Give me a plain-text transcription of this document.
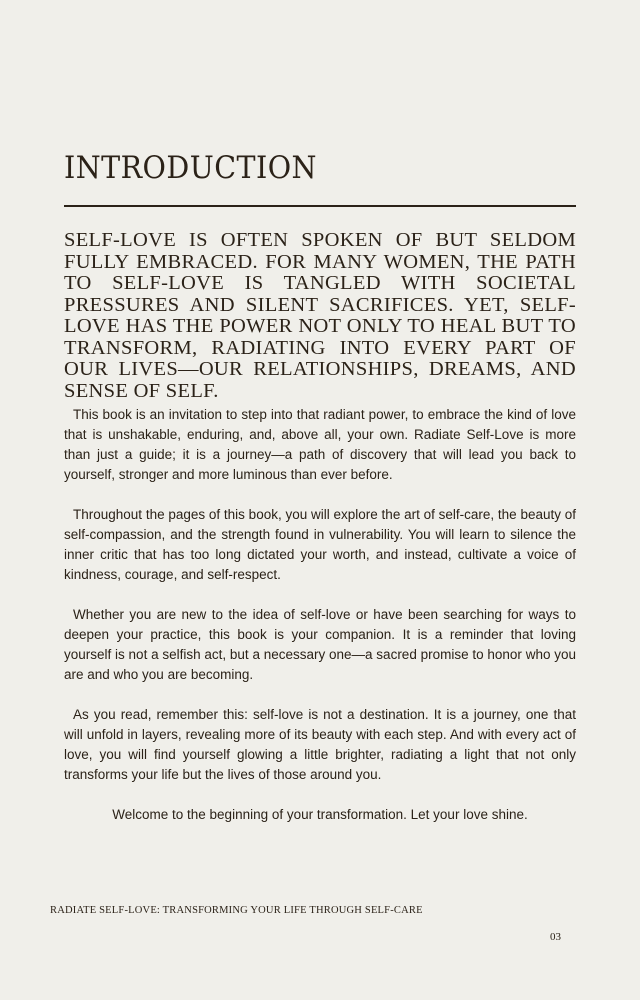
INTRODUCTION

SELF-LOVE IS OFTEN SPOKEN OF BUT SELDOM FULLY EMBRACED. FOR MANY WOMEN, THE PATH TO SELF-LOVE IS TANGLED WITH SOCIETAL PRESSURES AND SILENT SACRIFICES. YET, SELF-LOVE HAS THE POWER NOT ONLY TO HEAL BUT TO TRANSFORM, RADIATING INTO EVERY PART OF OUR LIVES—OUR RELATIONSHIPS, DREAMS, AND SENSE OF SELF.

This book is an invitation to step into that radiant power, to embrace the kind of love that is unshakable, enduring, and, above all, your own. Radiate Self-Love is more than just a guide; it is a journey—a path of discovery that will lead you back to yourself, stronger and more luminous than ever before.

Throughout the pages of this book, you will explore the art of self-care, the beauty of self-compassion, and the strength found in vulnerability. You will learn to silence the inner critic that has too long dictated your worth, and instead, cultivate a voice of kindness, courage, and self-respect.

Whether you are new to the idea of self-love or have been searching for ways to deepen your practice, this book is your companion. It is a reminder that loving yourself is not a selfish act, but a necessary one—a sacred promise to honor who you are and who you are becoming.

As you read, remember this: self-love is not a destination. It is a journey, one that will unfold in layers, revealing more of its beauty with each step. And with every act of love, you will find yourself glowing a little brighter, radiating a light that not only transforms your life but the lives of those around you.

Welcome to the beginning of your transformation. Let your love shine.

RADIATE SELF-LOVE: TRANSFORMING YOUR LIFE THROUGH SELF-CARE

03
